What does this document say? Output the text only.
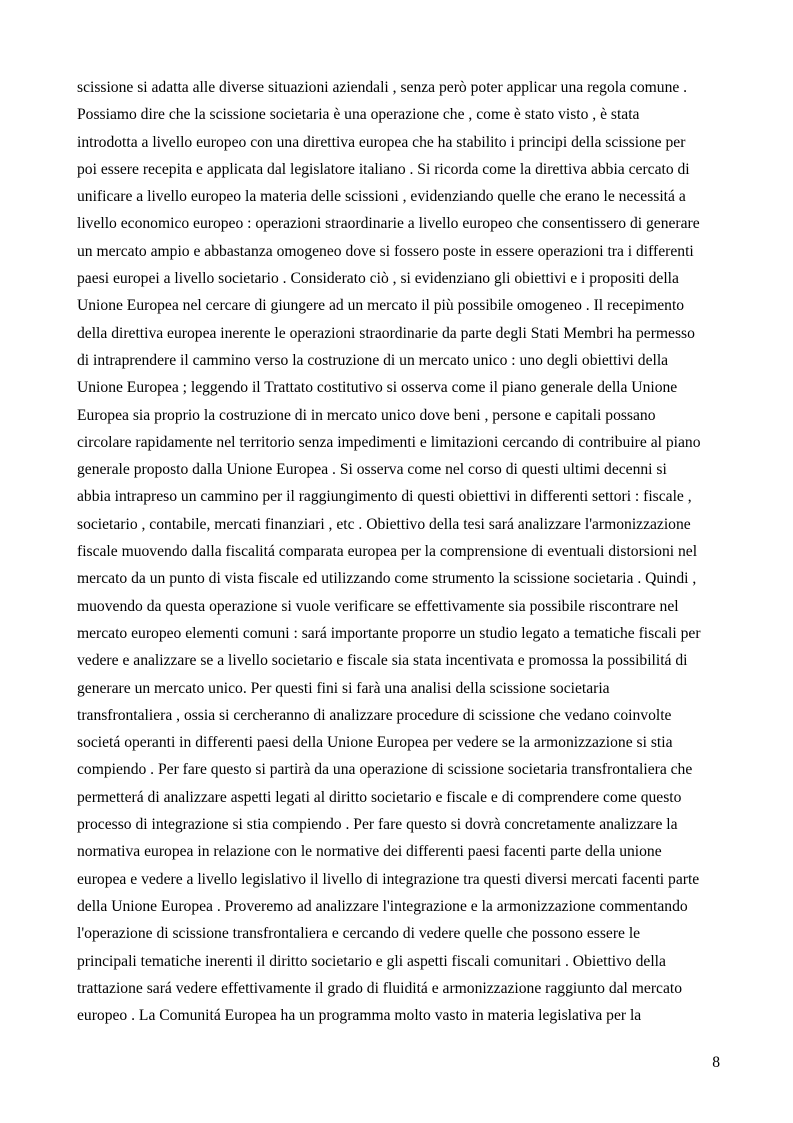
scissione si adatta alle diverse situazioni aziendali , senza però poter applicar una regola comune .
Possiamo dire che la scissione societaria è una operazione che , come è stato visto , è stata
introdotta a livello europeo con una direttiva europea che ha stabilito i principi della scissione per
poi essere recepita e applicata dal legislatore italiano . Si ricorda come la direttiva abbia cercato di
unificare a livello europeo la materia delle scissioni , evidenziando quelle che erano le necessitá a
livello economico europeo : operazioni straordinarie a livello europeo che consentissero di generare
un mercato ampio e abbastanza omogeneo dove si fossero poste in essere operazioni tra i differenti
paesi europei a livello societario . Considerato ciò , si evidenziano gli obiettivi e i propositi della
Unione Europea nel cercare di giungere ad un mercato il più possibile omogeneo . Il recepimento
della direttiva europea inerente le operazioni straordinarie da parte degli Stati Membri ha permesso
di intraprendere il cammino verso la costruzione di un mercato unico : uno degli obiettivi della
Unione Europea ; leggendo il Trattato costitutivo si osserva come il piano generale della Unione
Europea sia proprio la costruzione di in mercato unico dove beni , persone e capitali possano
circolare rapidamente nel territorio senza impedimenti e limitazioni cercando di contribuire al piano
generale proposto dalla Unione Europea . Si osserva come nel corso di questi ultimi decenni si
abbia intrapreso un cammino per il raggiungimento di questi obiettivi in differenti settori : fiscale ,
societario , contabile, mercati finanziari , etc . Obiettivo della tesi sará analizzare l'armonizzazione
fiscale muovendo dalla fiscalitá comparata europea per la comprensione di eventuali distorsioni nel
mercato da un punto di vista fiscale ed utilizzando come strumento la scissione societaria . Quindi ,
muovendo da questa operazione si vuole verificare se effettivamente sia possibile riscontrare nel
mercato europeo elementi comuni : sará importante proporre un studio legato a tematiche fiscali per
vedere e analizzare se a livello societario e fiscale sia stata incentivata e promossa la possibilitá di
generare un mercato unico. Per questi fini si farà una analisi della scissione societaria
transfrontaliera , ossia si cercheranno di analizzare procedure di scissione che vedano coinvolte
societá operanti in differenti paesi della Unione Europea per vedere se la armonizzazione si stia
compiendo . Per fare questo si partirà da una operazione di scissione societaria transfrontaliera che
permetterá di analizzare aspetti legati al diritto societario e fiscale e di comprendere come questo
processo di integrazione si stia compiendo . Per fare questo si dovrà concretamente analizzare la
normativa europea in relazione con le normative dei differenti paesi facenti parte della unione
europea e vedere a livello legislativo il livello di integrazione tra questi diversi mercati facenti parte
della Unione Europea . Proveremo ad analizzare l'integrazione e la armonizzazione commentando
l'operazione di scissione transfrontaliera e cercando di vedere quelle che possono essere le
principali tematiche inerenti il diritto societario e gli aspetti fiscali comunitari . Obiettivo della
trattazione sará vedere effettivamente il grado di fluiditá e armonizzazione raggiunto dal mercato
europeo . La Comunitá Europea ha un programma molto vasto in materia legislativa per la
8
